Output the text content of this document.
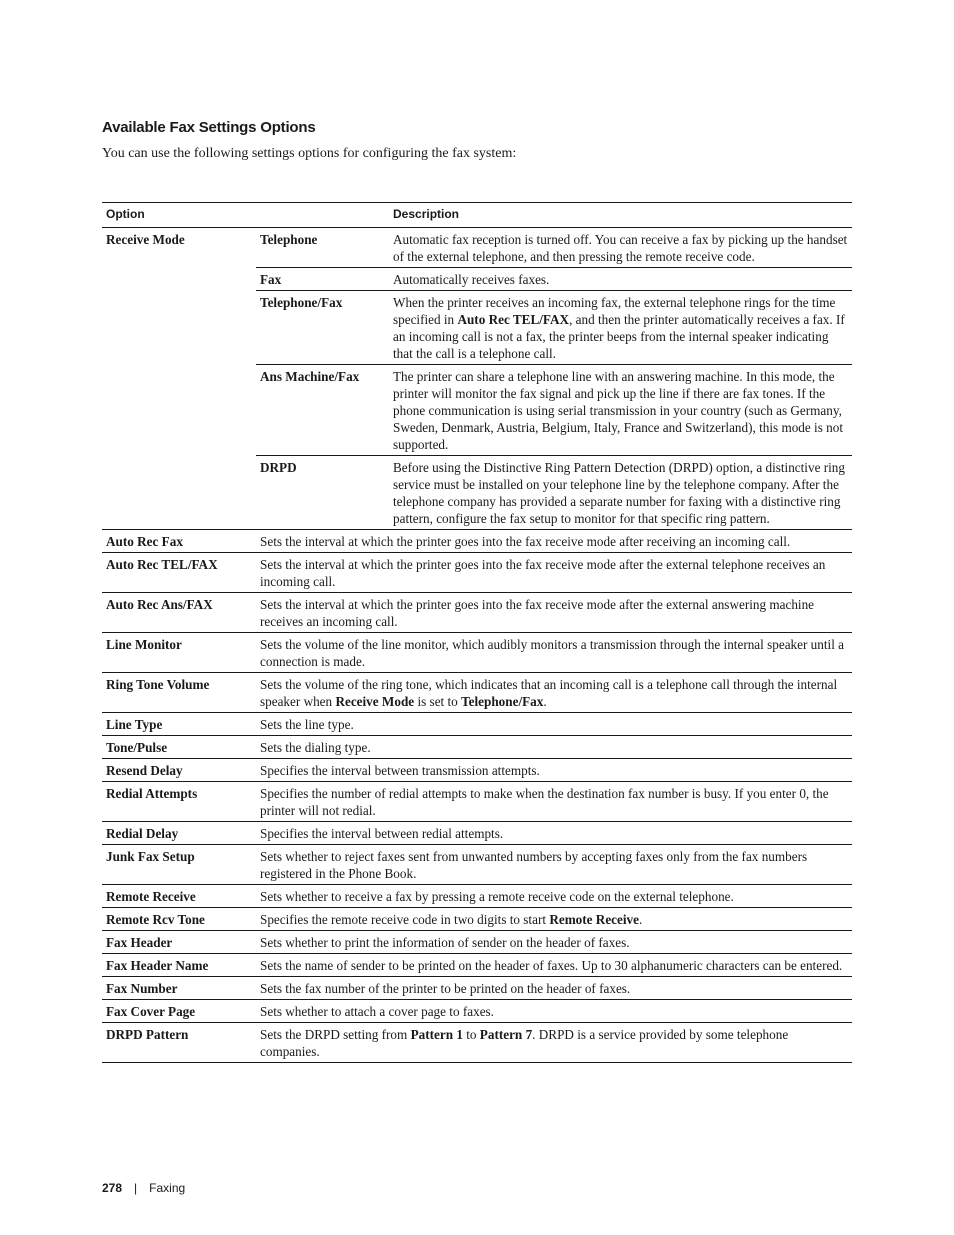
Available Fax Settings Options
You can use the following settings options for configuring the fax system:
Option		Description
Receive Mode	Telephone	Automatic fax reception is turned off. You can receive a fax by picking up the handset of the external telephone, and then pressing the remote receive code.
	Fax	Automatically receives faxes.
	Telephone/Fax	When the printer receives an incoming fax, the external telephone rings for the time specified in Auto Rec TEL/FAX, and then the printer automatically receives a fax. If an incoming call is not a fax, the printer beeps from the internal speaker indicating that the call is a telephone call.
	Ans Machine/Fax	The printer can share a telephone line with an answering machine. In this mode, the printer will monitor the fax signal and pick up the line if there are fax tones. If the phone communication is using serial transmission in your country (such as Germany, Sweden, Denmark, Austria, Belgium, Italy, France and Switzerland), this mode is not supported.
	DRPD	Before using the Distinctive Ring Pattern Detection (DRPD) option, a distinctive ring service must be installed on your telephone line by the telephone company. After the telephone company has provided a separate number for faxing with a distinctive ring pattern, configure the fax setup to monitor for that specific ring pattern.
Auto Rec Fax	Sets the interval at which the printer goes into the fax receive mode after receiving an incoming call.	
Auto Rec TEL/FAX	Sets the interval at which the printer goes into the fax receive mode after the external telephone receives an incoming call.	
Auto Rec Ans/FAX	Sets the interval at which the printer goes into the fax receive mode after the external answering machine receives an incoming call.	
Line Monitor	Sets the volume of the line monitor, which audibly monitors a transmission through the internal speaker until a connection is made.	
Ring Tone Volume	Sets the volume of the ring tone, which indicates that an incoming call is a telephone call through the internal speaker when Receive Mode is set to Telephone/Fax.	
Line Type	Sets the line type.	
Tone/Pulse	Sets the dialing type.	
Resend Delay	Specifies the interval between transmission attempts.	
Redial Attempts	Specifies the number of redial attempts to make when the destination fax number is busy. If you enter 0, the printer will not redial.	
Redial Delay	Specifies the interval between redial attempts.	
Junk Fax Setup	Sets whether to reject faxes sent from unwanted numbers by accepting faxes only from the fax numbers registered in the Phone Book.	
Remote Receive	Sets whether to receive a fax by pressing a remote receive code on the external telephone.	
Remote Rcv Tone	Specifies the remote receive code in two digits to start Remote Receive.	
Fax Header	Sets whether to print the information of sender on the header of faxes.	
Fax Header Name	Sets the name of sender to be printed on the header of faxes. Up to 30 alphanumeric characters can be entered.	
Fax Number	Sets the fax number of the printer to be printed on the header of faxes.	
Fax Cover Page	Sets whether to attach a cover page to faxes.	
DRPD Pattern	Sets the DRPD setting from Pattern 1 to Pattern 7. DRPD is a service provided by some telephone companies.	
278 | Faxing
